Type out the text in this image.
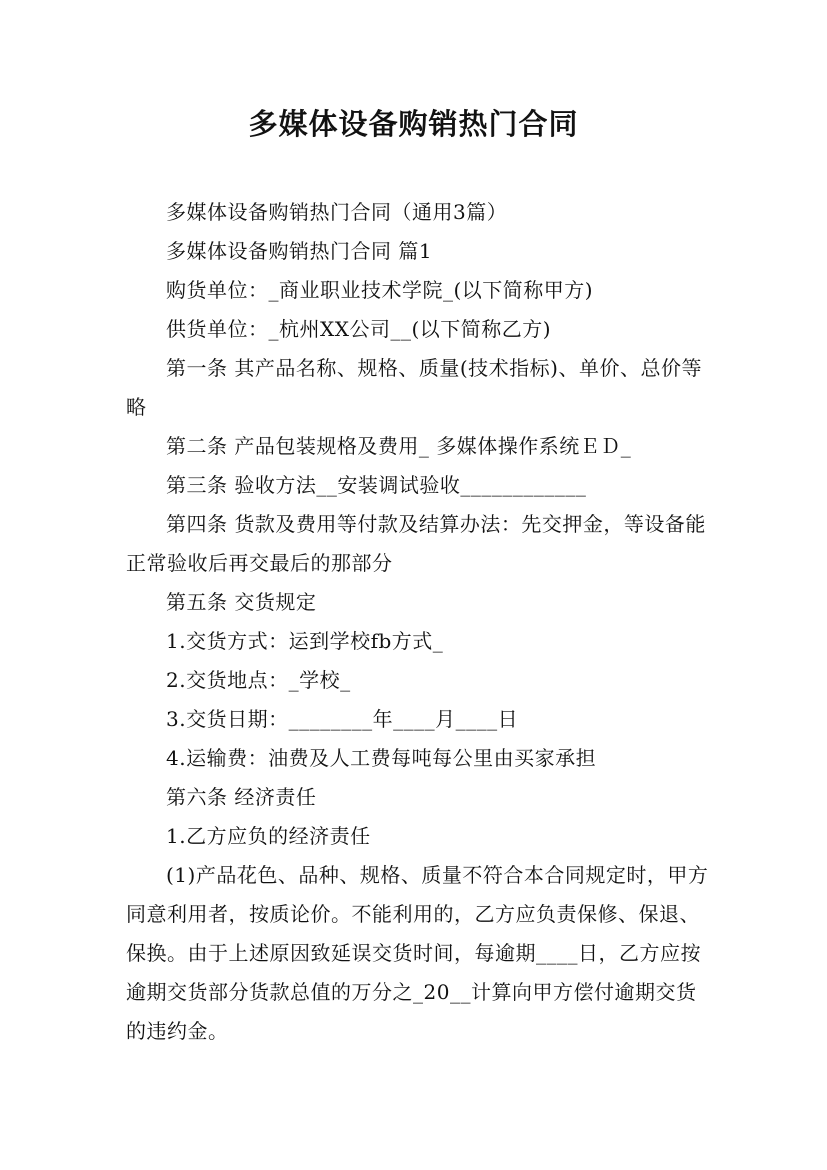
多媒体设备购销热门合同

多媒体设备购销热门合同（通用3篇）

多媒体设备购销热门合同 篇1

购货单位：_商业职业技术学院_(以下简称甲方)

供货单位：_杭州XX公司__(以下简称乙方)

第一条 其产品名称、规格、质量(技术指标)、单价、总价等略

第二条 产品包装规格及费用_ 多媒体操作系统ＥＤ_

第三条 验收方法__安装调试验收____________

第四条 货款及费用等付款及结算办法：先交押金，等设备能正常验收后再交最后的那部分

第五条 交货规定

1.交货方式：运到学校fb方式_

2.交货地点：_学校_

3.交货日期：________年____月____日

4.运输费：油费及人工费每吨每公里由买家承担

第六条 经济责任

1.乙方应负的经济责任

(1)产品花色、品种、规格、质量不符合本合同规定时，甲方同意利用者，按质论价。不能利用的，乙方应负责保修、保退、保换。由于上述原因致延误交货时间，每逾期____日，乙方应按逾期交货部分货款总值的万分之_20__计算向甲方偿付逾期交货的违约金。
